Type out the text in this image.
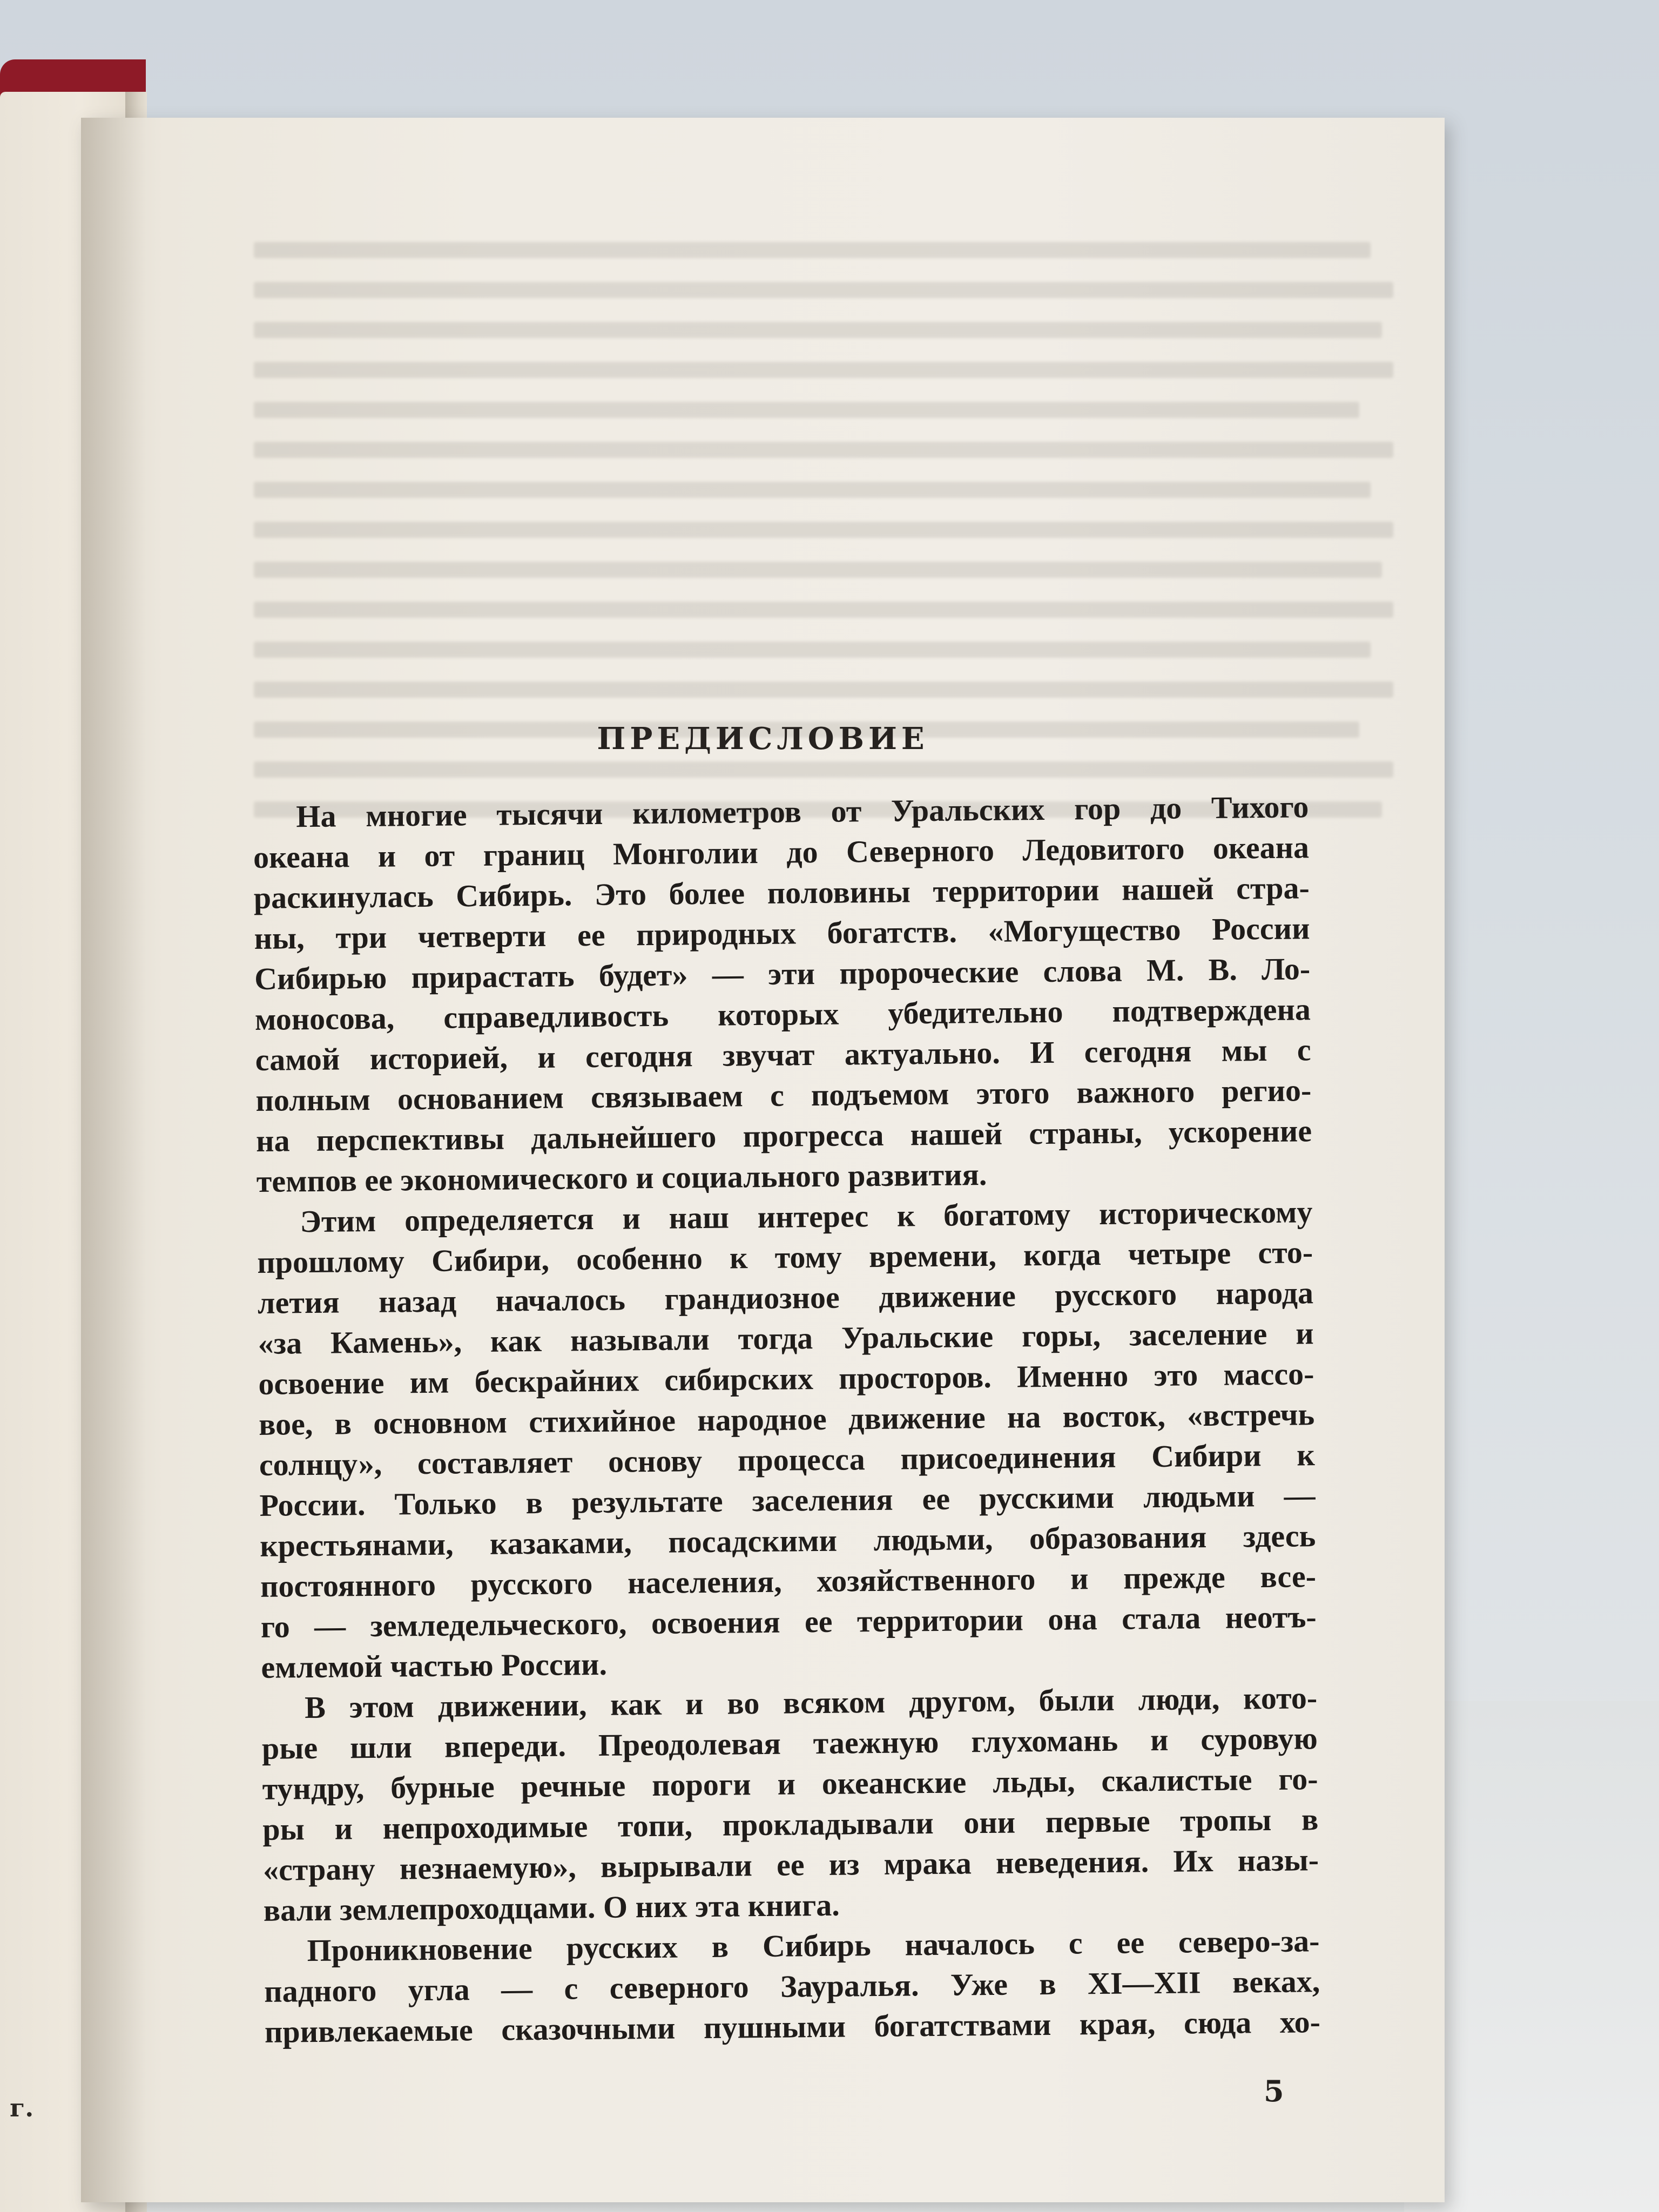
г.
ПРЕДИСЛОВИЕ
На многие тысячи километров от Уральских гор до Тихого
океана и от границ Монголии до Северного Ледовитого океана
раскинулась Сибирь. Это более половины территории нашей стра-
ны, три четверти ее природных богатств. «Могущество России
Сибирью прирастать будет» — эти пророческие слова М. В. Ло-
моносова, справедливость которых убедительно подтверждена
самой историей, и сегодня звучат актуально. И сегодня мы с
полным основанием связываем с подъемом этого важного регио-
на перспективы дальнейшего прогресса нашей страны, ускорение
темпов ее экономического и социального развития.
Этим определяется и наш интерес к богатому историческому
прошлому Сибири, особенно к тому времени, когда четыре сто-
летия назад началось грандиозное движение русского народа
«за Камень», как называли тогда Уральские горы, заселение и
освоение им бескрайних сибирских просторов. Именно это массо-
вое, в основном стихийное народное движение на восток, «встречь
солнцу», составляет основу процесса присоединения Сибири к
России. Только в результате заселения ее русскими людьми —
крестьянами, казаками, посадскими людьми, образования здесь
постоянного русского населения, хозяйственного и прежде все-
го — земледельческого, освоения ее территории она стала неотъ-
емлемой частью России.
В этом движении, как и во всяком другом, были люди, кото-
рые шли впереди. Преодолевая таежную глухомань и суровую
тундру, бурные речные пороги и океанские льды, скалистые го-
ры и непроходимые топи, прокладывали они первые тропы в
«страну незнаемую», вырывали ее из мрака неведения. Их назы-
вали землепроходцами. О них эта книга.
Проникновение русских в Сибирь началось с ее северо-за-
падного угла — с северного Зауралья. Уже в XI—XII веках,
привлекаемые сказочными пушными богатствами края, сюда хо-
5
